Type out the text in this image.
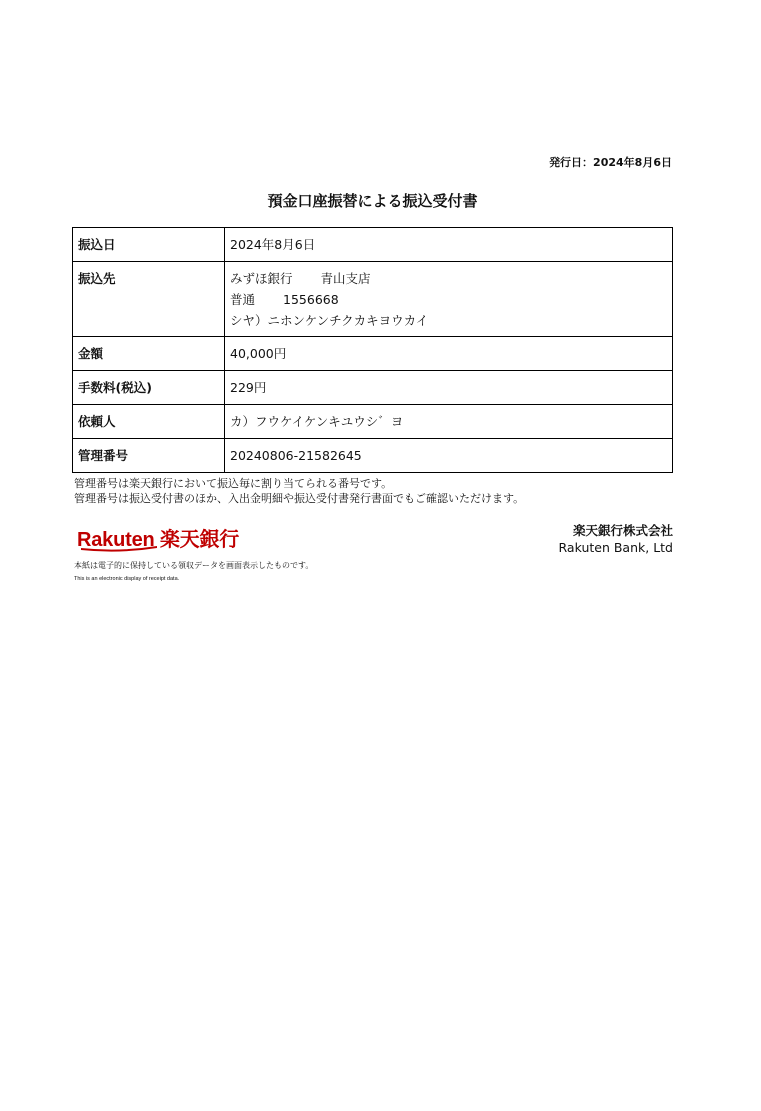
発行日：2024年8月6日
預金口座振替による振込受付書
振込日	2024年8月6日

振込先	みずほ銀行 青山支店
普通 1556668
シヤ）ニホンケンチクカキヨウカイ

金額	40,000円

手数料(税込)	229円

依頼人	カ）フウケイケンキユウシ゛ヨ

管理番号	20240806-21582645
管理番号は楽天銀行において振込毎に割り当てられる番号です。
管理番号は振込受付書のほか、入出金明細や振込受付書発行書面でもご確認いただけます。
Rakuten 楽天銀行	楽天銀行株式会社
Rakuten Bank, Ltd
本紙は電子的に保持している領収データを画面表示したものです。
This is an electronic display of receipt data.
